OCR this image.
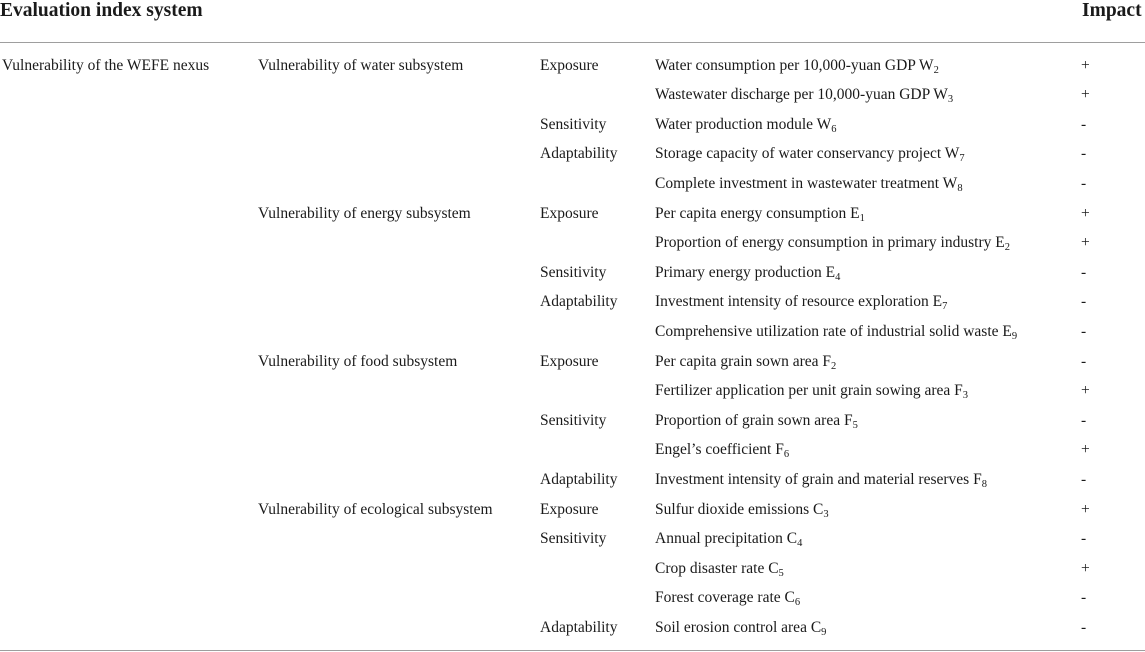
Evaluation index system	Impact
Vulnerability of the WEFE nexus	Vulnerability of water subsystem	Exposure	Water consumption per 10,000-yuan GDP $W_2$	+
Wastewater discharge per 10,000-yuan GDP $W_3$	+
Sensitivity	Water production module $W_6$	-
Adaptability Storage capacity of water conservancy project $W_7$	-
Complete investment in wastewater treatment $W_8$	-
Vulnerability of energy subsystem	Exposure	Per capita energy consumption $E_1$	+
Proportion of energy consumption in primary industry $E_2$	+
Sensitivity	Primary energy production $E_4$	-
Adaptability Investment intensity of resource exploration $E_7$	-
Comprehensive utilization rate of industrial solid waste $E_9$	-
Vulnerability of food subsystem	Exposure	Per capita grain sown area $F_2$	-
Fertilizer application per unit grain sowing area $F_3$	+
Sensitivity	Proportion of grain sown area $F_5$	-
Engel’s coefficient $F_6$	+
Adaptability Investment intensity of grain and material reserves $F_8$	-
Vulnerability of ecological subsystem	Exposure	Sulfur dioxide emissions $C_3$	+
Sensitivity	Annual precipitation $C_4$	-
Crop disaster rate $C_5$	+
Forest coverage rate $C_6$	-
Adaptability Soil erosion control area $C_9$	-
